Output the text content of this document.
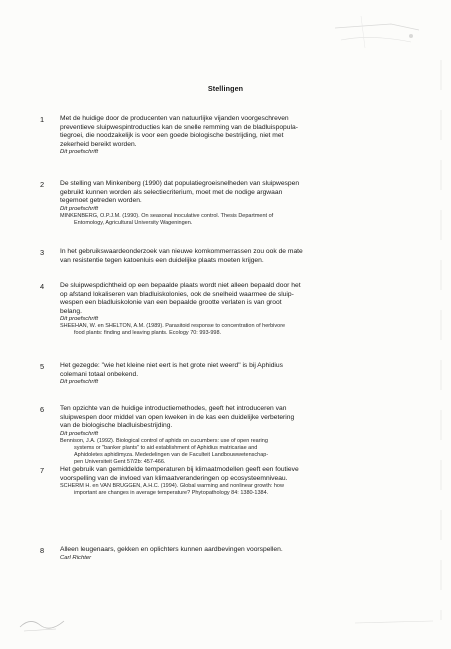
Stellingen
1 Met de huidige door de producenten van natuurlijke vijanden voorgeschreven
preventieve sluipwespintroducties kan de snelle remming van de bladluispopula-
tiegroei, die noodzakelijk is voor een goede biologische bestrijding, niet met
zekerheid bereikt worden.
Dit proefschrift
2 De stelling van Minkenberg (1990) dat populatiegroeisnelheden van sluipwespen
gebruikt kunnen worden als selectiecriterium, moet met de nodige argwaan
tegemoet getreden worden.
Dit proefschrift
MINKENBERG, O.P.J.M. (1990). On seasonal inoculative control. Thesis Department of
Entomology, Agricultural University Wageningen.
3 In het gebruikswaardeonderzoek van nieuwe komkommerrassen zou ook de mate
van resistentie tegen katoenluis een duidelijke plaats moeten krijgen.
4 De sluipwespdichtheid op een bepaalde plaats wordt niet alleen bepaald door het
op afstand lokaliseren van bladluiskolonies, ook de snelheid waarmee de sluip-
wespen een bladluiskolonie van een bepaalde grootte verlaten is van groot
belang.
Dit proefschrift
SHEEHAN, W. en SHELTON, A.M. (1989). Parasitoid response to concentration of herbivore
food plants: finding and leaving plants. Ecology 70: 993-998.
5 Het gezegde: "wie het kleine niet eert is het grote niet weerd" is bij Aphidius
colemani totaal onbekend.
Dit proefschrift
6 Ten opzichte van de huidige introductiemethodes, geeft het introduceren van
sluipwespen door middel van open kweken in de kas een duidelijke verbetering
van de biologische bladluisbestrijding.
Dit proefschrift
Bennison, J.A. (1992). Biological control of aphids on cucumbers: use of open rearing
systems or "banker plants" to aid establishment of Aphidius matricariae and
Aphidoletes aphidimyza. Mededelingen van de Faculteit Landbouwwetenschap-
pen Universiteit Gent 57/2b: 457-466.
7 Het gebruik van gemiddelde temperaturen bij klimaatmodellen geeft een foutieve
voorspelling van de invloed van klimaatveranderingen op ecosysteemniveau.
SCHERM H. en VAN BRUGGEN, A.H.C. (1994). Global warming and nonlinear growth: how
important are changes in average temperature? Phytopathology 84: 1380-1384.
8 Alleen leugenaars, gekken en oplichters kunnen aardbevingen voorspellen.
Carl Richter
